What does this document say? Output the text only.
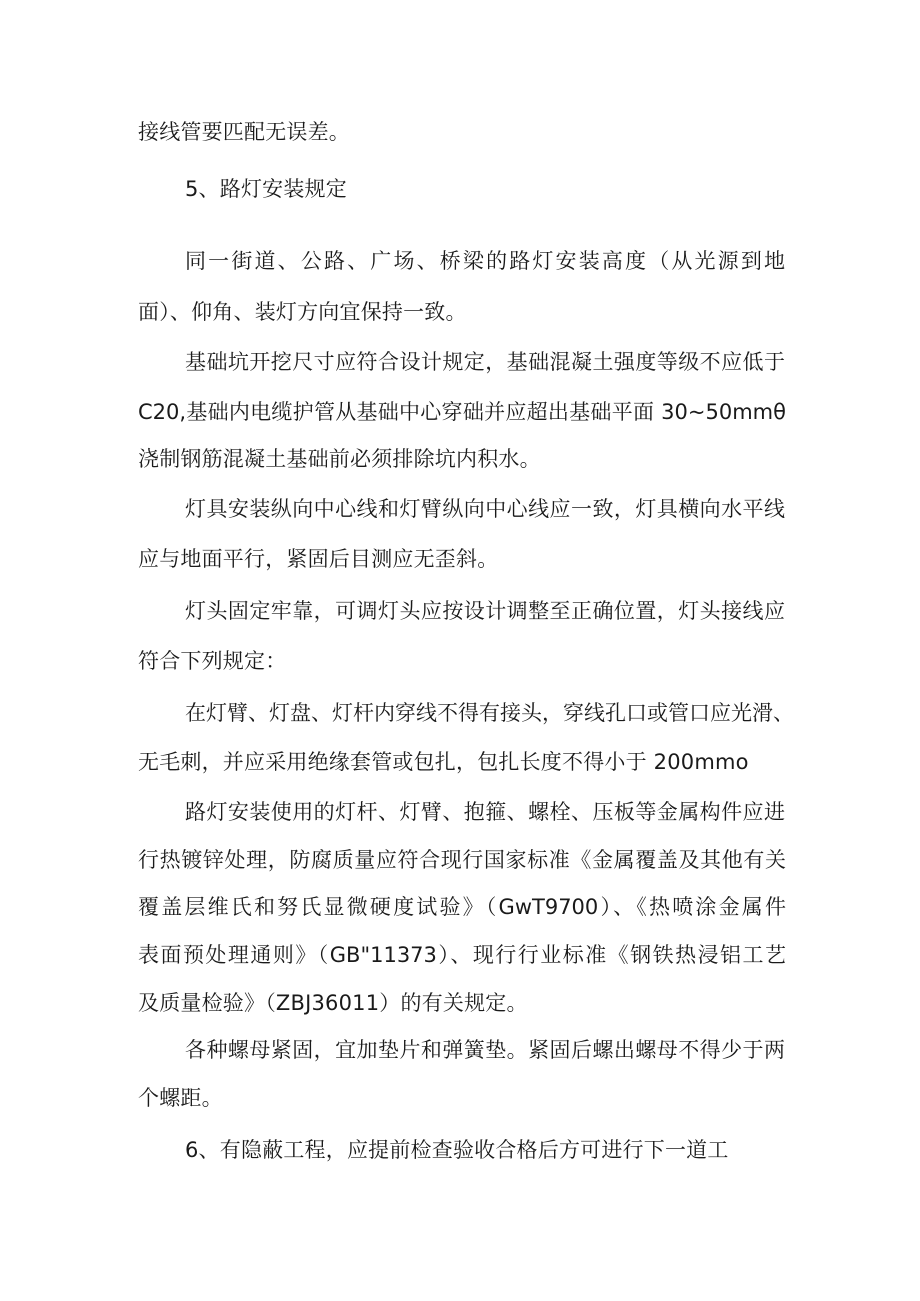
接线管要匹配无误差。
5、路灯安装规定
同一街道、公路、广场、桥梁的路灯安装高度（从光源到地
面）、仰角、装灯方向宜保持一致。
基础坑开挖尺寸应符合设计规定，基础混凝土强度等级不应低于
C20,基础内电缆护管从基础中心穿础并应超出基础平面 30~50mmθ
浇制钢筋混凝土基础前必须排除坑内积水。
灯具安装纵向中心线和灯臂纵向中心线应一致，灯具横向水平线
应与地面平行，紧固后目测应无歪斜。
灯头固定牢靠，可调灯头应按设计调整至正确位置，灯头接线应
符合下列规定：
在灯臂、灯盘、灯杆内穿线不得有接头，穿线孔口或管口应光滑、
无毛刺，并应采用绝缘套管或包扎，包扎长度不得小于 200mmo
路灯安装使用的灯杆、灯臂、抱箍、螺栓、压板等金属构件应进
行热镀锌处理，防腐质量应符合现行国家标准《金属覆盖及其他有关
覆盖层维氏和努氏显微硬度试验》（GwT9700）、《热喷涂金属件
表面预处理通则》（GB"11373）、现行行业标准《钢铁热浸铝工艺
及质量检验》（ZBJ36011）的有关规定。
各种螺母紧固，宜加垫片和弹簧垫。紧固后螺出螺母不得少于两
个螺距。
6、有隐蔽工程，应提前检查验收合格后方可进行下一道工
